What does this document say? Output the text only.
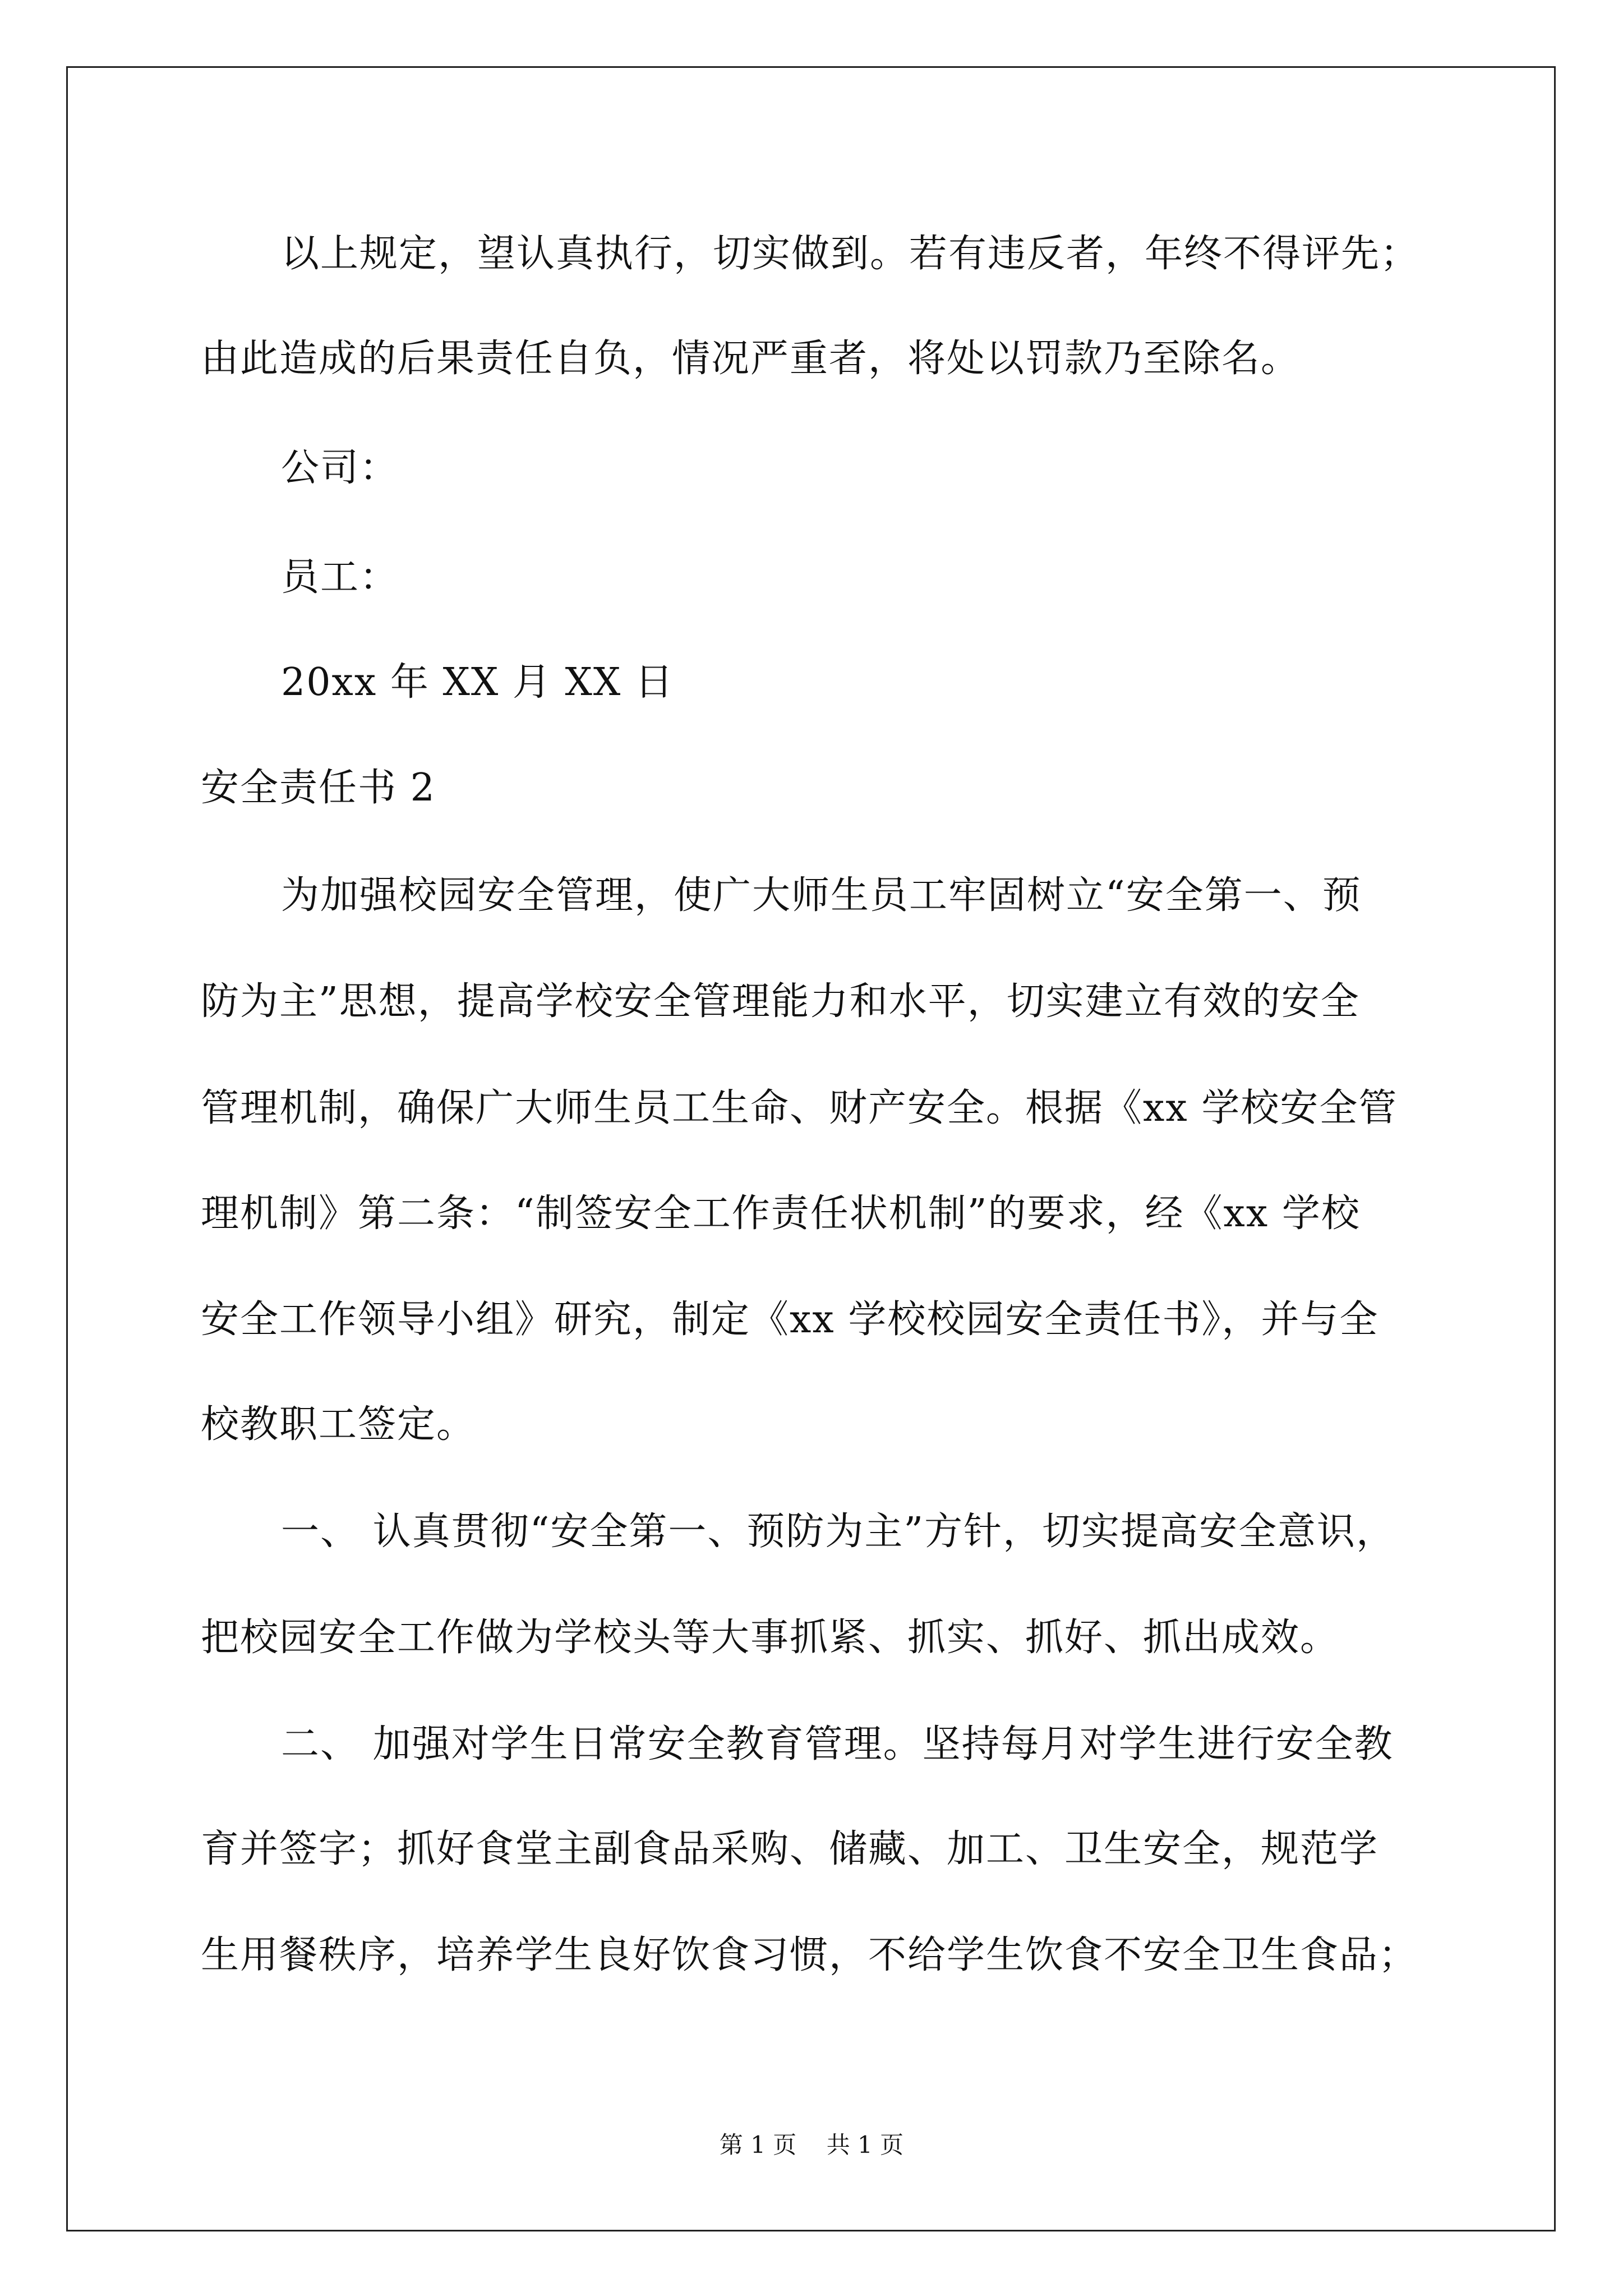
以上规定，望认真执行，切实做到。若有违反者，年终不得评先；
由此造成的后果责任自负，情况严重者，将处以罚款乃至除名。
公司：
员工：
20xx 年 XX 月 XX 日
安全责任书 2
为加强校园安全管理，使广大师生员工牢固树立“安全第一、预
防为主”思想，提高学校安全管理能力和水平，切实建立有效的安全
管理机制，确保广大师生员工生命、财产安全。根据《xx 学校安全管
理机制》第二条：“制签安全工作责任状机制”的要求，经《xx 学校
安全工作领导小组》研究，制定《xx 学校校园安全责任书》，并与全
校教职工签定。
一、 认真贯彻“安全第一、预防为主”方针，切实提高安全意识，
把校园安全工作做为学校头等大事抓紧、抓实、抓好、抓出成效。
二、 加强对学生日常安全教育管理。坚持每月对学生进行安全教
育并签字；抓好食堂主副食品采购、储藏、加工、卫生安全，规范学
生用餐秩序，培养学生良好饮食习惯，不给学生饮食不安全卫生食品；
第 1 页    共 1 页
